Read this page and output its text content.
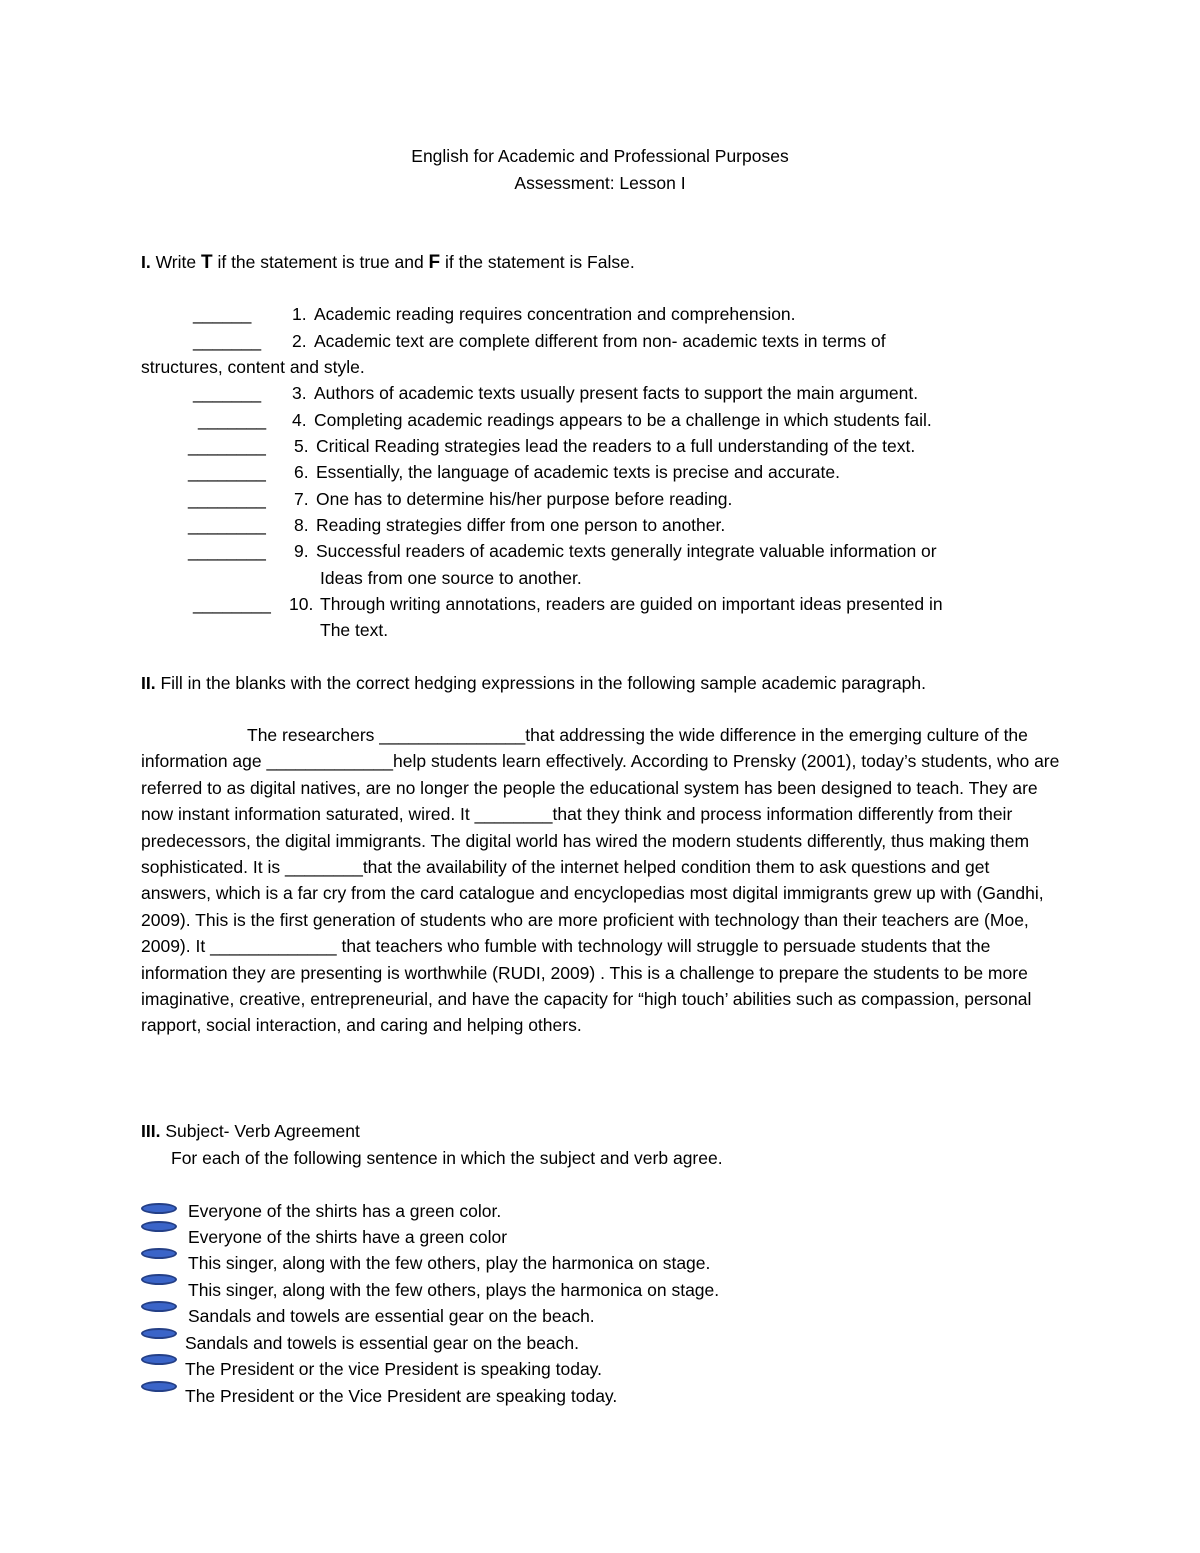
English for Academic and Professional Purposes
Assessment: Lesson I
I. Write T if the statement is true and F if the statement is False.
______ 1. Academic reading requires concentration and comprehension.
_______ 2. Academic text are complete different from non- academic texts in terms of
structures, content and style.
_______ 3. Authors of academic texts usually present facts to support the main argument.
_______ 4. Completing academic readings appears to be a challenge in which students fail.
________ 5. Critical Reading strategies lead the readers to a full understanding of the text.
________ 6. Essentially, the language of academic texts is precise and accurate.
________ 7. One has to determine his/her purpose before reading.
________ 8. Reading strategies differ from one person to another.
________ 9. Successful readers of academic texts generally integrate valuable information or
Ideas from one source to another.
________ 10. Through writing annotations, readers are guided on important ideas presented in
The text.
II. Fill in the blanks with the correct hedging expressions in the following sample academic paragraph.
The researchers _______________that addressing the wide difference in the emerging culture of the information age _____________help students learn effectively. According to Prensky (2001), today’s students, who are referred to as digital natives, are no longer the people the educational system has been designed to teach. They are now instant information saturated, wired. It ________that they think and process information differently from their predecessors, the digital immigrants. The digital world has wired the modern students differently, thus making them sophisticated. It is ________that the availability of the internet helped condition them to ask questions and get answers, which is a far cry from the card catalogue and encyclopedias most digital immigrants grew up with (Gandhi, 2009). This is the first generation of students who are more proficient with technology than their teachers are (Moe, 2009). It _____________ that teachers who fumble with technology will struggle to persuade students that the information they are presenting is worthwhile (RUDI, 2009) . This is a challenge to prepare the students to be more imaginative, creative, entrepreneurial, and have the capacity for “high touch’ abilities such as compassion, personal rapport, social interaction, and caring and helping others.
III. Subject- Verb Agreement
For each of the following sentence in which the subject and verb agree.
Everyone of the shirts has a green color.
Everyone of the shirts have a green color
This singer, along with the few others, play the harmonica on stage.
This singer, along with the few others, plays the harmonica on stage.
Sandals and towels are essential gear on the beach.
Sandals and towels is essential gear on the beach.
The President or the vice President is speaking today.
The President or the Vice President are speaking today.
